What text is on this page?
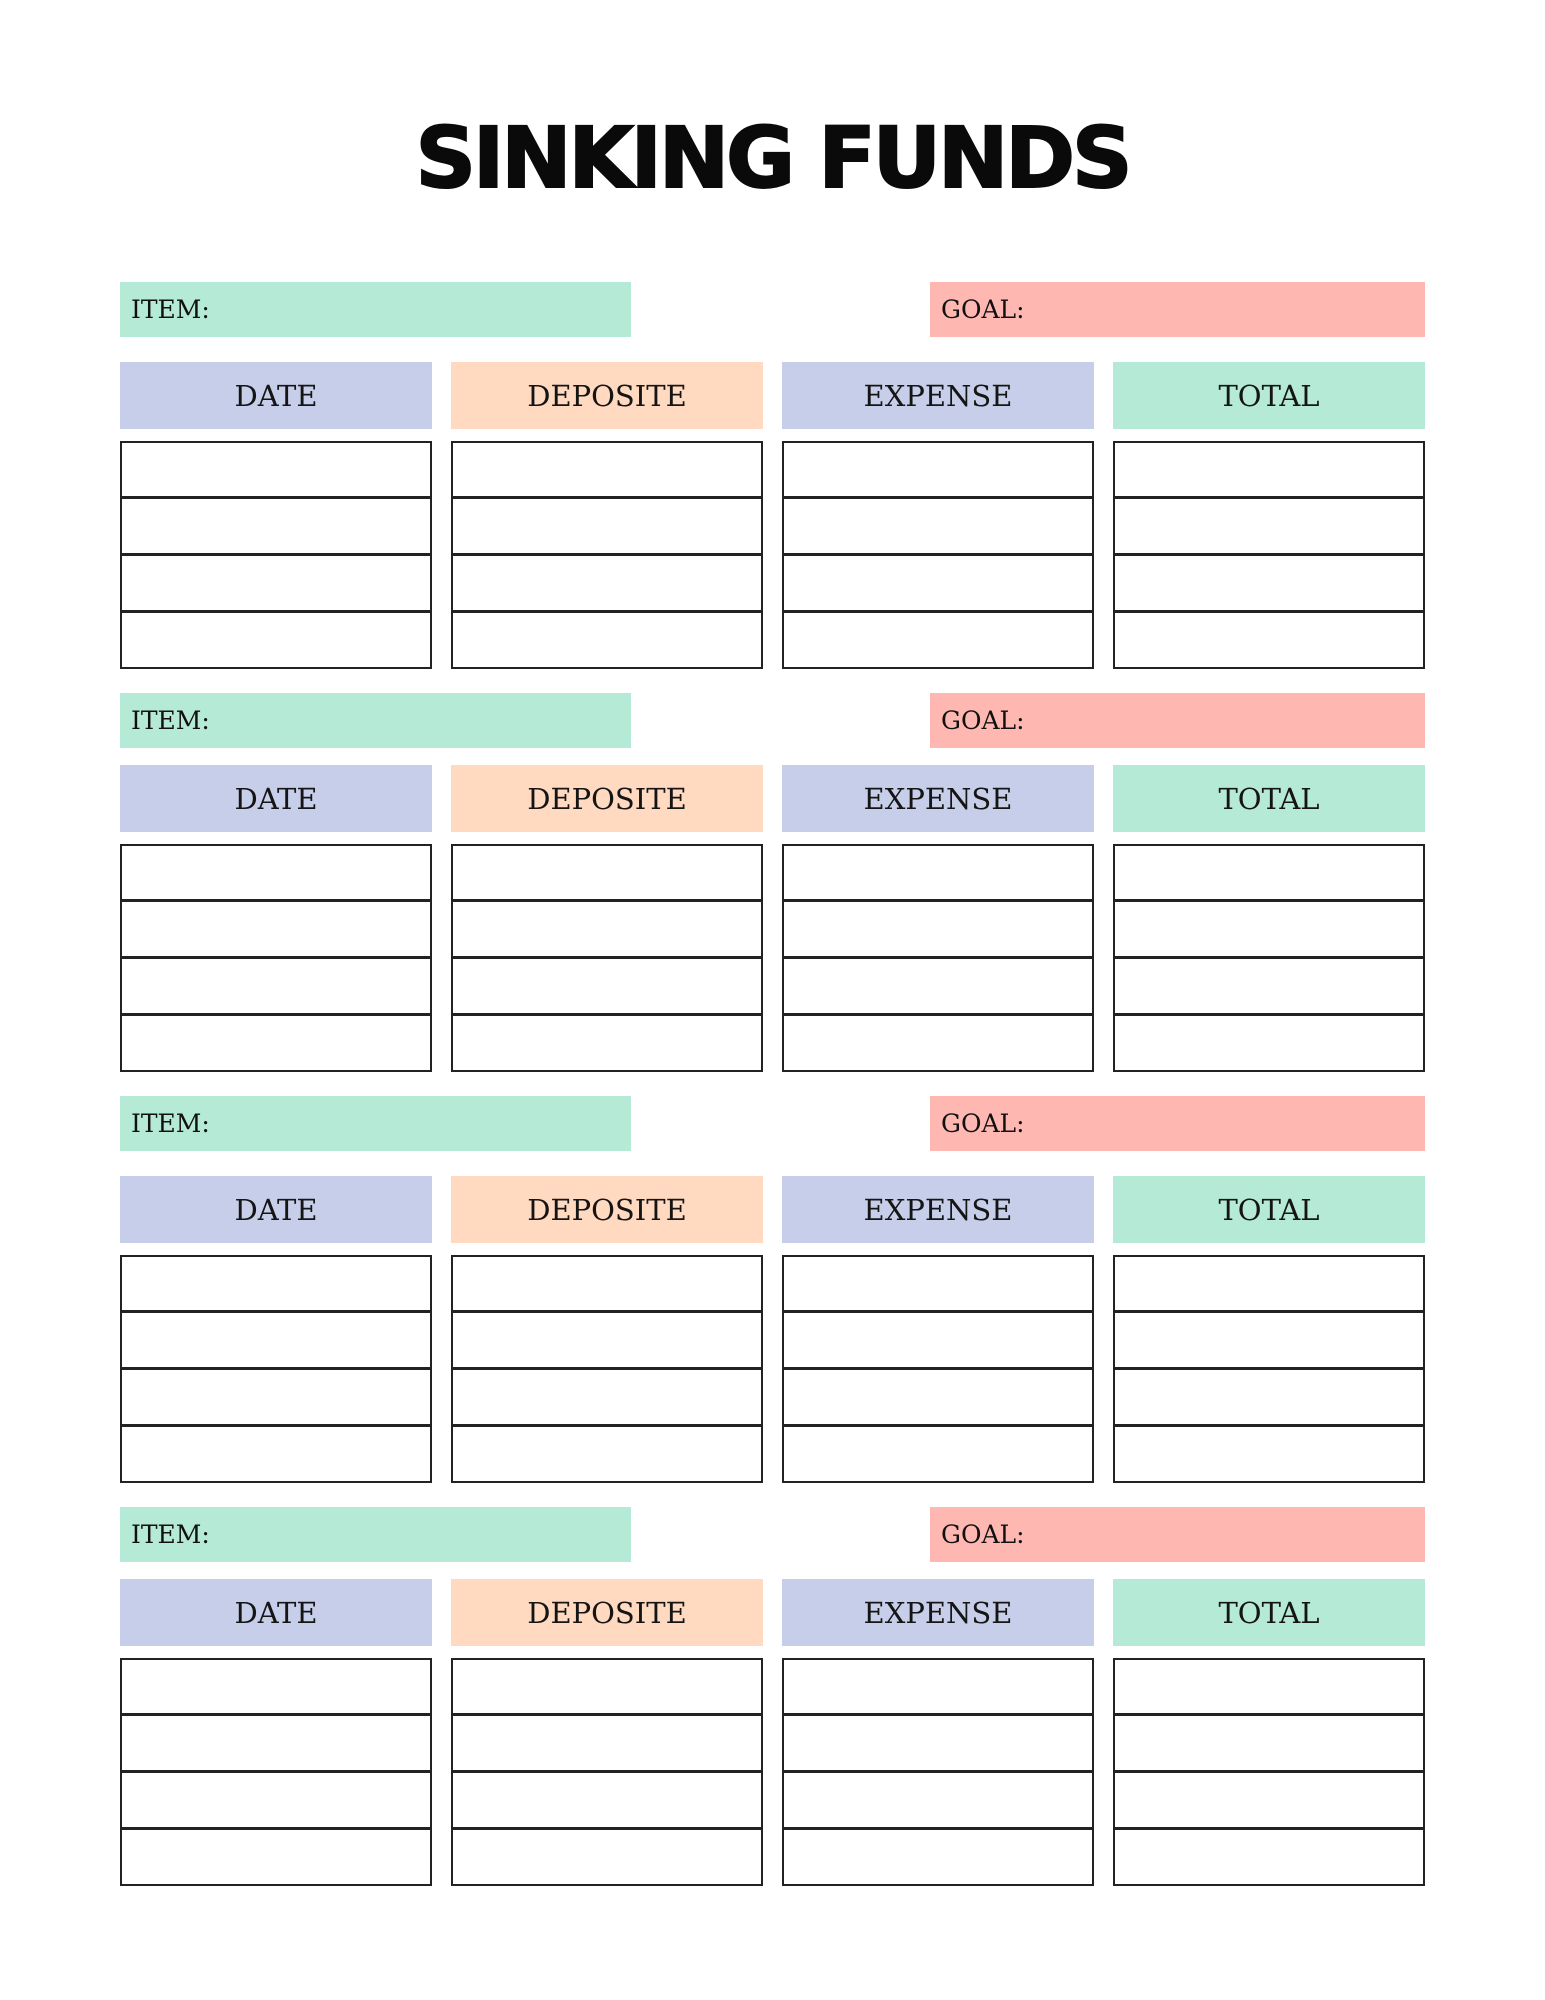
SINKING FUNDS
ITEM:	GOAL:
DATE	DEPOSITE	EXPENSE	TOTAL
ITEM:	GOAL:
DATE	DEPOSITE	EXPENSE	TOTAL
ITEM:	GOAL:
DATE	DEPOSITE	EXPENSE	TOTAL
ITEM:	GOAL:
DATE	DEPOSITE	EXPENSE	TOTAL
